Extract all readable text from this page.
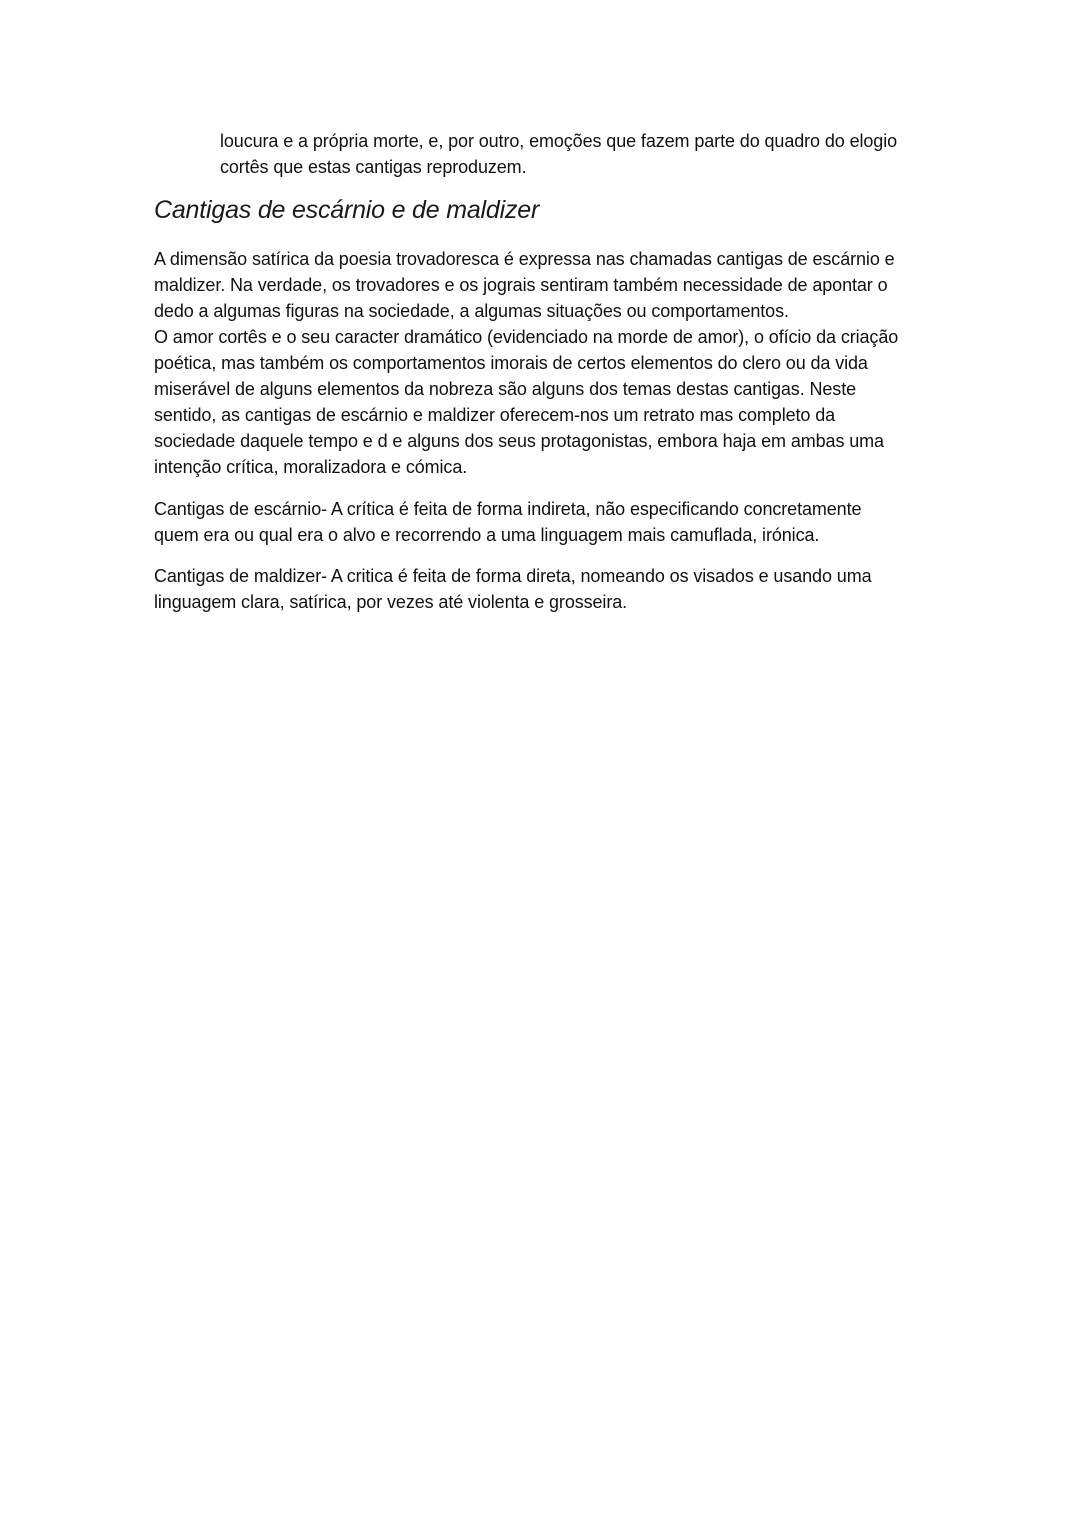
loucura e a própria morte, e, por outro, emoções que fazem parte do quadro do elogio
cortês que estas cantigas reproduzem.
Cantigas de escárnio e de maldizer
A dimensão satírica da poesia trovadoresca é expressa nas chamadas cantigas de escárnio e
maldizer. Na verdade, os trovadores e os jograis sentiram também necessidade de apontar o
dedo a algumas figuras na sociedade, a algumas situações ou comportamentos.
O amor cortês e o seu caracter dramático (evidenciado na morde de amor), o ofício da criação
poética, mas também os comportamentos imorais de certos elementos do clero ou da vida
miserável de alguns elementos da nobreza são alguns dos temas destas cantigas. Neste
sentido, as cantigas de escárnio e maldizer oferecem-nos um retrato mas completo da
sociedade daquele tempo e d e alguns dos seus protagonistas, embora haja em ambas uma
intenção crítica, moralizadora e cómica.
Cantigas de escárnio- A crítica é feita de forma indireta, não especificando concretamente
quem era ou qual era o alvo e recorrendo a uma linguagem mais camuflada, irónica.
Cantigas de maldizer- A critica é feita de forma direta, nomeando os visados e usando uma
linguagem clara, satírica, por vezes até violenta e grosseira.
